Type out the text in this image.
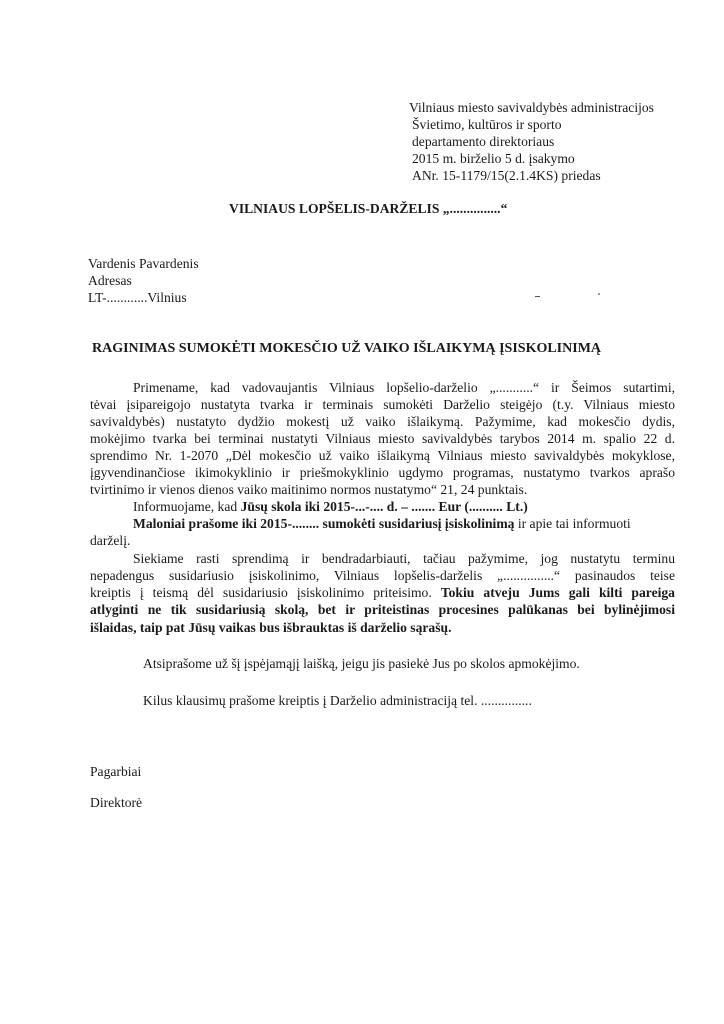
Vilniaus miesto savivaldybės administracijos
Švietimo, kultūros ir sporto
departamento direktoriaus
2015 m. birželio 5 d. įsakymo
ANr. 15-1179/15(2.1.4KS) priedas
VILNIAUS LOPŠELIS-DARŽELIS „...............“
Vardenis Pavardenis
Adresas
LT-............Vilnius
RAGINIMAS SUMOKĖTI MOKESČIO UŽ VAIKO IŠLAIKYMĄ ĮSISKOLINIMĄ
Primename, kad vadovaujantis Vilniaus lopšelio-darželio „...........“ ir Šeimos sutartimi,
tėvai įsipareigojo nustatyta tvarka ir terminais sumokėti Darželio steigėjo (t.y. Vilniaus miesto
savivaldybės) nustatyto dydžio mokestį už vaiko išlaikymą. Pažymime, kad mokesčio dydis,
mokėjimo tvarka bei terminai nustatyti Vilniaus miesto savivaldybės tarybos 2014 m. spalio 22 d.
sprendimo Nr. 1-2070 „Dėl mokesčio už vaiko išlaikymą Vilniaus miesto savivaldybės mokyklose,
įgyvendinančiose ikimokyklinio ir priešmokyklinio ugdymo programas, nustatymo tvarkos aprašo
tvirtinimo ir vienos dienos vaiko maitinimo normos nustatymo“ 21, 24 punktais.
Informuojame, kad Jūsų skola iki 2015-...-.... d. – ....... Eur (.......... Lt.)
Maloniai prašome iki 2015-........ sumokėti susidariusį įsiskolinimą ir apie tai informuoti
darželį.
Siekiame rasti sprendimą ir bendradarbiauti, tačiau pažymime, jog nustatytu terminu
nepadengus susidariusio įsiskolinimo, Vilniaus lopšelis-darželis „...............“ pasinaudos teise
kreiptis į teismą dėl susidariusio įsiskolinimo priteisimo. Tokiu atveju Jums gali kilti pareiga
atlyginti ne tik susidariusią skolą, bet ir priteistinas procesines palūkanas bei bylinėjimosi
išlaidas, taip pat Jūsų vaikas bus išbrauktas iš darželio sąrašų.
Atsiprašome už šį įspėjamąjį laišką, jeigu jis pasiekė Jus po skolos apmokėjimo.
Kilus klausimų prašome kreiptis į Darželio administraciją tel. ...............
Pagarbiai
Direktorė
